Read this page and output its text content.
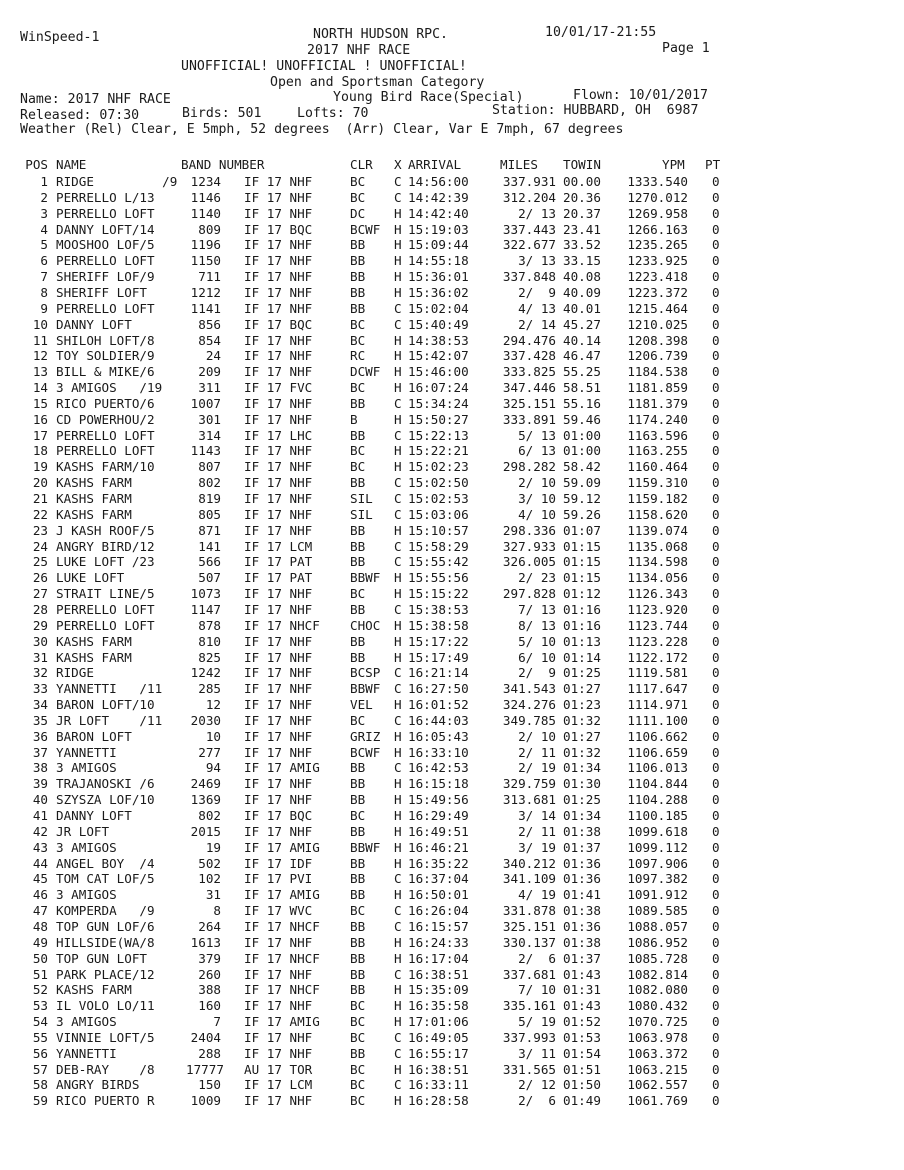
WinSpeed-1	NORTH HUDSON RPC.	10/01/17-21:55
2017 NHF RACE	Page 1
UNOFFICIAL! UNOFFICIAL ! UNOFFICIAL!
Open and Sportsman Category
Name: 2017 NHF RACE	Young Bird Race(Special)	Flown: 10/01/2017
Released: 07:30	Birds: 501	Lofts: 70	Station: HUBBARD, OH  6987
Weather (Rel) Clear, E 5mph, 52 degrees  (Arr) Clear, Var E 7mph, 67 degrees
POS NAME	BAND NUMBER	CLR X ARRIVAL	MILES TOWIN	YPM PT
1 RIDGE         /9	1234 IF 17 NHF	BC C 14:56:00	337.931 00.00 1333.540 0
2 PERRELLO L/13	1146 IF 17 NHF	BC C 14:42:39	312.204 20.36 1270.012 0
3 PERRELLO LOFT	1140 IF 17 NHF	DC H 14:42:40	2/ 13 20.37 1269.958 0
4 DANNY LOFT/14	809 IF 17 BQC	BCWF H 15:19:03	337.443 23.41 1266.163 0
5 MOOSHOO LOF/5	1196 IF 17 NHF	BB H 15:09:44	322.677 33.52 1235.265 0
6 PERRELLO LOFT	1150 IF 17 NHF	BB H 14:55:18	3/ 13 33.15 1233.925 0
7 SHERIFF LOF/9	711 IF 17 NHF	BB H 15:36:01	337.848 40.08 1223.418 0
8 SHERIFF LOFT	1212 IF 17 NHF	BB H 15:36:02	2/  9 40.09 1223.372 0
9 PERRELLO LOFT	1141 IF 17 NHF	BB C 15:02:04	4/ 13 40.01 1215.464 0
10 DANNY LOFT	856 IF 17 BQC	BC C 15:40:49	2/ 14 45.27 1210.025 0
11 SHILOH LOFT/8	854 IF 17 NHF	BC H 14:38:53	294.476 40.14 1208.398 0
12 TOY SOLDIER/9	24 IF 17 NHF	RC H 15:42:07	337.428 46.47 1206.739 0
13 BILL & MIKE/6	209 IF 17 NHF	DCWF H 15:46:00	333.825 55.25 1184.538 0
14 3 AMIGOS   /19	311 IF 17 FVC	BC H 16:07:24	347.446 58.51 1181.859 0
15 RICO PUERTO/6	1007 IF 17 NHF	BB C 15:34:24	325.151 55.16 1181.379 0
16 CD POWERHOU/2	301 IF 17 NHF	B	H 15:50:27	333.891 59.46 1174.240 0
17 PERRELLO LOFT	314 IF 17 LHC	BB C 15:22:13	5/ 13 01:00 1163.596 0
18 PERRELLO LOFT	1143 IF 17 NHF	BC H 15:22:21	6/ 13 01:00 1163.255 0
19 KASHS FARM/10	807 IF 17 NHF	BC H 15:02:23	298.282 58.42 1160.464 0
20 KASHS FARM	802 IF 17 NHF	BB C 15:02:50	2/ 10 59.09 1159.310 0
21 KASHS FARM	819 IF 17 NHF	SIL C 15:02:53	3/ 10 59.12 1159.182 0
22 KASHS FARM	805 IF 17 NHF	SIL C 15:03:06	4/ 10 59.26 1158.620 0
23 J KASH ROOF/5	871 IF 17 NHF	BB H 15:10:57	298.336 01:07 1139.074 0
24 ANGRY BIRD/12	141 IF 17 LCM	BB C 15:58:29	327.933 01:15 1135.068 0
25 LUKE LOFT /23	566 IF 17 PAT	BB C 15:55:42	326.005 01:15 1134.598 0
26 LUKE LOFT	507 IF 17 PAT	BBWF H 15:55:56	2/ 23 01:15 1134.056 0
27 STRAIT LINE/5	1073 IF 17 NHF	BC H 15:15:22	297.828 01:12 1126.343 0
28 PERRELLO LOFT	1147 IF 17 NHF	BB C 15:38:53	7/ 13 01:16 1123.920 0
29 PERRELLO LOFT	878 IF 17 NHCF CHOC H 15:38:58	8/ 13 01:16 1123.744 0
30 KASHS FARM	810 IF 17 NHF	BB H 15:17:22	5/ 10 01:13 1123.228 0
31 KASHS FARM	825 IF 17 NHF	BB H 15:17:49	6/ 10 01:14 1122.172 0
32 RIDGE	1242 IF 17 NHF	BCSP C 16:21:14	2/  9 01:25 1119.581 0
33 YANNETTI   /11	285 IF 17 NHF	BBWF C 16:27:50	341.543 01:27 1117.647 0
34 BARON LOFT/10	12 IF 17 NHF	VEL H 16:01:52	324.276 01:23 1114.971 0
35 JR LOFT    /11	2030 IF 17 NHF	BC C 16:44:03	349.785 01:32 1111.100 0
36 BARON LOFT	10 IF 17 NHF	GRIZ H 16:05:43	2/ 10 01:27 1106.662 0
37 YANNETTI	277 IF 17 NHF	BCWF H 16:33:10	2/ 11 01:32 1106.659 0
38 3 AMIGOS	94 IF 17 AMIG BB C 16:42:53	2/ 19 01:34 1106.013 0
39 TRAJANOSKI /6	2469 IF 17 NHF	BB H 16:15:18	329.759 01:30 1104.844 0
40 SZYSZA LOF/10	1369 IF 17 NHF	BB H 15:49:56	313.681 01:25 1104.288 0
41 DANNY LOFT	802 IF 17 BQC	BC H 16:29:49	3/ 14 01:34 1100.185 0
42 JR LOFT	2015 IF 17 NHF	BB H 16:49:51	2/ 11 01:38 1099.618 0
43 3 AMIGOS	19 IF 17 AMIG BBWF H 16:46:21	3/ 19 01:37 1099.112 0
44 ANGEL BOY  /4	502 IF 17 IDF	BB H 16:35:22	340.212 01:36 1097.906 0
45 TOM CAT LOF/5	102 IF 17 PVI	BB C 16:37:04	341.109 01:36 1097.382 0
46 3 AMIGOS	31 IF 17 AMIG BB H 16:50:01	4/ 19 01:41 1091.912 0
47 KOMPERDA   /9	8 IF 17 WVC	BC C 16:26:04	331.878 01:38 1089.585 0
48 TOP GUN LOF/6	264 IF 17 NHCF BB C 16:15:57	325.151 01:36 1088.057 0
49 HILLSIDE(WA/8	1613 IF 17 NHF	BB H 16:24:33	330.137 01:38 1086.952 0
50 TOP GUN LOFT	379 IF 17 NHCF BB H 16:17:04	2/  6 01:37 1085.728 0
51 PARK PLACE/12	260 IF 17 NHF	BB C 16:38:51	337.681 01:43 1082.814 0
52 KASHS FARM	388 IF 17 NHCF BB H 15:35:09	7/ 10 01:31 1082.080 0
53 IL VOLO LO/11	160 IF 17 NHF	BC H 16:35:58	335.161 01:43 1080.432 0
54 3 AMIGOS	7 IF 17 AMIG BC H 17:01:06	5/ 19 01:52 1070.725 0
55 VINNIE LOFT/5	2404 IF 17 NHF	BC C 16:49:05	337.993 01:53 1063.978 0
56 YANNETTI	288 IF 17 NHF	BB C 16:55:17	3/ 11 01:54 1063.372 0
57 DEB-RAY    /8 17777 AU 17 TOR	BC H 16:38:51	331.565 01:51 1063.215 0
58 ANGRY BIRDS	150 IF 17 LCM	BC C 16:33:11	2/ 12 01:50 1062.557 0
59 RICO PUERTO R	1009 IF 17 NHF	BC H 16:28:58	2/  6 01:49 1061.769 0
